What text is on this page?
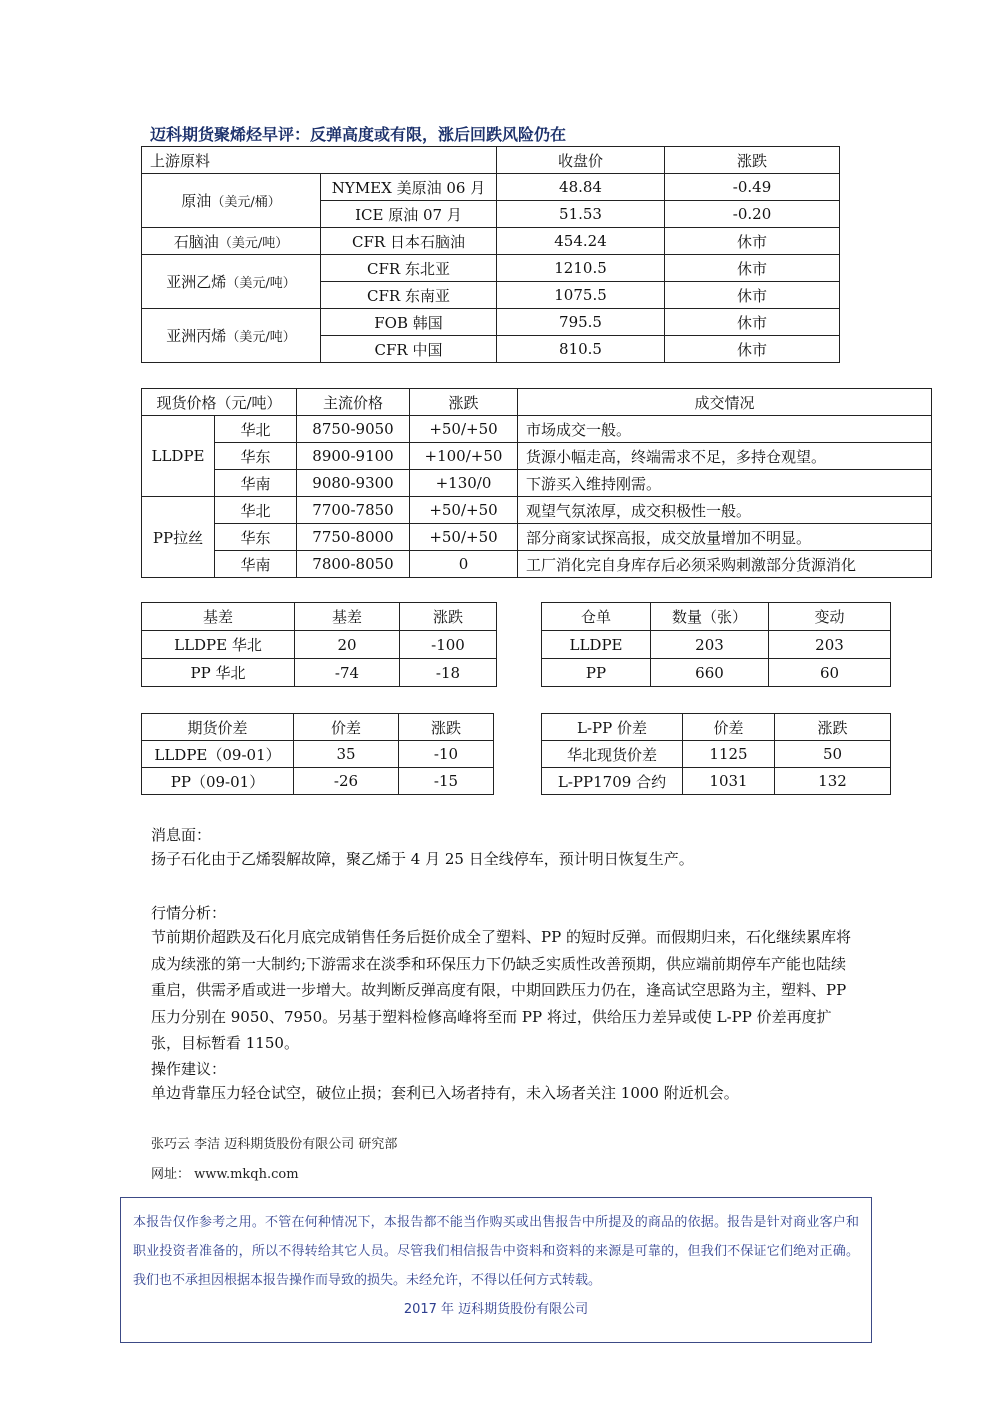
迈科期货聚烯烃早评：反弹高度或有限，涨后回跌风险仍在
上游原料		收盘价	涨跌
原油（美元/桶）	NYMEX 美原油 06 月	48.84	-0.49
	ICE 原油 07 月	51.53	-0.20
石脑油（美元/吨）	CFR 日本石脑油	454.24	休市
亚洲乙烯（美元/吨）	CFR 东北亚	1210.5	休市
	CFR 东南亚	1075.5	休市
亚洲丙烯（美元/吨）	FOB 韩国	795.5	休市
	CFR 中国	810.5	休市
现货价格（元/吨）		主流价格	涨跌	成交情况
LLDPE	华北	8750-9050	+50/+50	市场成交一般。
	华东	8900-9100	+100/+50	货源小幅走高，终端需求不足，多持仓观望。
	华南	9080-9300	+130/0	下游买入维持刚需。
PP拉丝	华北	7700-7850	+50/+50	观望气氛浓厚，成交积极性一般。
	华东	7750-8000	+50/+50	部分商家试探高报，成交放量增加不明显。
	华南	7800-8050	0	工厂消化完自身库存后必须采购刺激部分货源消化
基差	基差	涨跌
LLDPE 华北	20	-100
PP 华北	-74	-18
仓单	数量（张）	变动
LLDPE	203	203
PP	660	60
期货价差	价差	涨跌
LLDPE（09-01）	35	-10
PP（09-01）	-26	-15
L-PP 价差	价差	涨跌
华北现货价差	1125	50
L-PP1709 合约	1031	132
消息面：
扬子石化由于乙烯裂解故障，聚乙烯于 4 月 25 日全线停车，预计明日恢复生产。
行情分析：
节前期价超跌及石化月底完成销售任务后挺价成全了塑料、PP 的短时反弹。而假期归来，石化继续累库将成为续涨的第一大制约;下游需求在淡季和环保压力下仍缺乏实质性改善预期，供应端前期停车产能也陆续重启，供需矛盾或进一步增大。故判断反弹高度有限，中期回跌压力仍在，逢高试空思路为主，塑料、PP 压力分别在 9050、7950。另基于塑料检修高峰将至而 PP 将过，供给压力差异或使 L-PP 价差再度扩张，目标暂看 1150。
操作建议：
单边背靠压力轻仓试空，破位止损；套利已入场者持有，未入场者关注 1000 附近机会。
张巧云 李洁 迈科期货股份有限公司 研究部
网址： www.mkqh.com
本报告仅作参考之用。不管在何种情况下，本报告都不能当作购买或出售报告中所提及的商品的依据。报告是针对商业客户和职业投资者准备的，所以不得转给其它人员。尽管我们相信报告中资料和资料的来源是可靠的，但我们不保证它们绝对正确。我们也不承担因根据本报告操作而导致的损失。未经允许，不得以任何方式转载。
2017 年 迈科期货股份有限公司
